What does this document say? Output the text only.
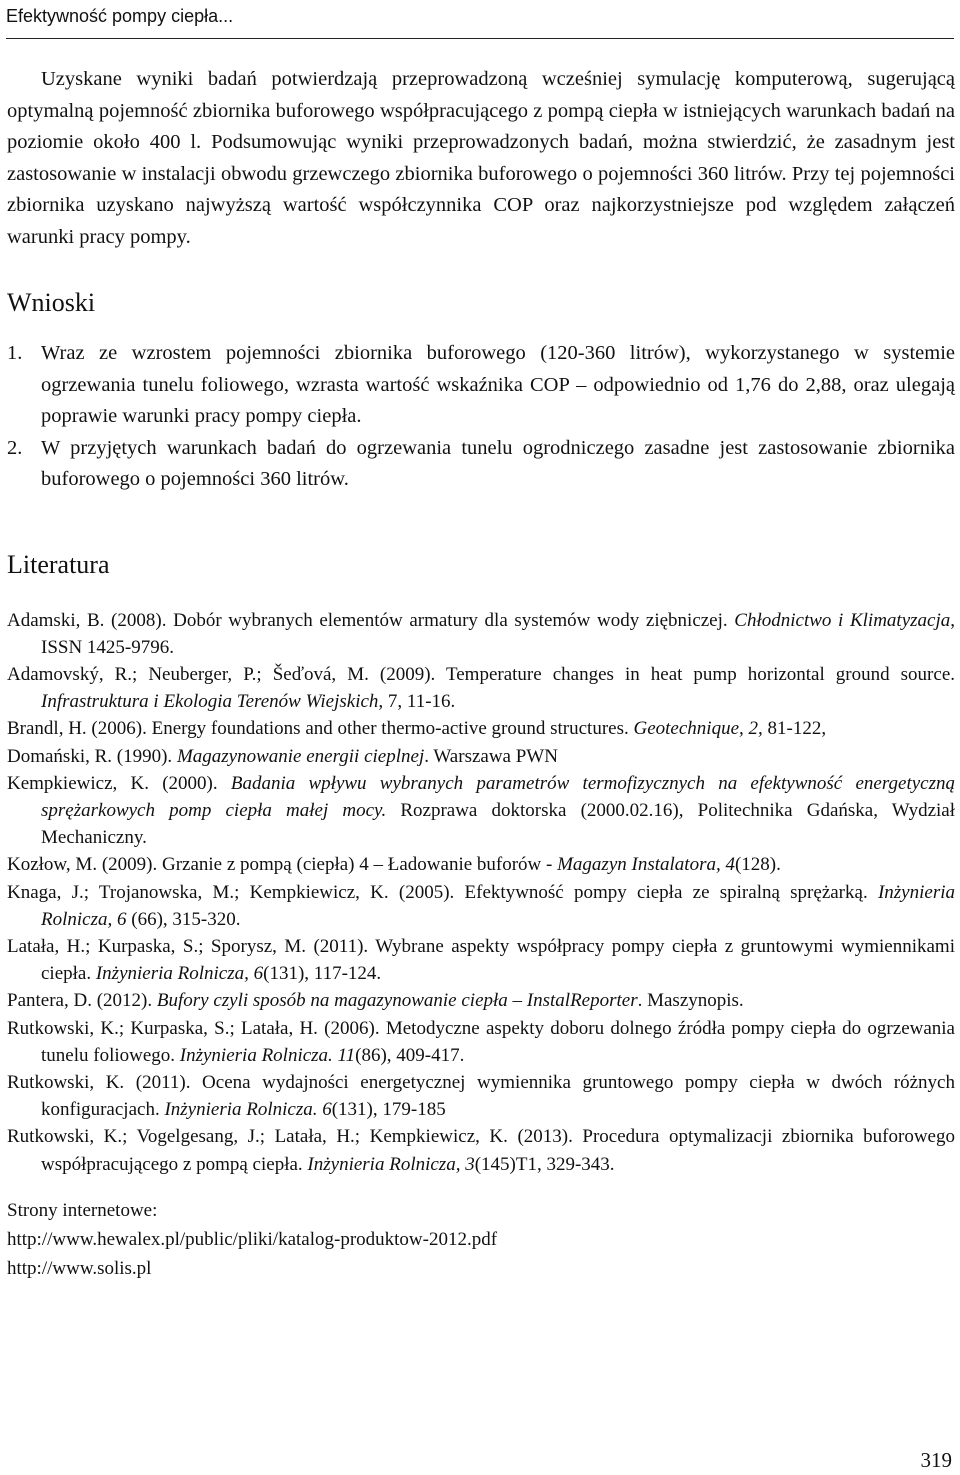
Efektywność pompy ciepła...

Uzyskane wyniki badań potwierdzają przeprowadzoną wcześniej symulację komputerową, sugerującą optymalną pojemność zbiornika buforowego współpracującego z pompą ciepła w istniejących warunkach badań na poziomie około 400 l. Podsumowując wyniki przeprowadzonych badań, można stwierdzić, że zasadnym jest zastosowanie w instalacji obwodu grzewczego zbiornika buforowego o pojemności 360 litrów. Przy tej pojemności zbiornika uzyskano najwyższą wartość współczynnika COP oraz najkorzystniejsze pod względem załączeń warunki pracy pompy.

Wnioski

1. Wraz ze wzrostem pojemności zbiornika buforowego (120-360 litrów), wykorzystanego w systemie ogrzewania tunelu foliowego, wzrasta wartość wskaźnika COP – odpowiednio od 1,76 do 2,88, oraz ulegają poprawie warunki pracy pompy ciepła.

2. W przyjętych warunkach badań do ogrzewania tunelu ogrodniczego zasadne jest zastosowanie zbiornika buforowego o pojemności 360 litrów.

Literatura

Adamski, B. (2008). Dobór wybranych elementów armatury dla systemów wody ziębniczej. Chłodnictwo i Klimatyzacja, ISSN 1425-9796.

Adamovský, R.; Neuberger, P.; Šeďová, M. (2009). Temperature changes in heat pump horizontal ground source. Infrastruktura i Ekologia Terenów Wiejskich, 7, 11-16.

Brandl, H. (2006). Energy foundations and other thermo-active ground structures. Geotechnique, 2, 81-122,

Domański, R. (1990). Magazynowanie energii cieplnej. Warszawa PWN

Kempkiewicz, K. (2000). Badania wpływu wybranych parametrów termofizycznych na efektywność energetyczną sprężarkowych pomp ciepła małej mocy. Rozprawa doktorska (2000.02.16), Politechnika Gdańska, Wydział Mechaniczny.

Kozłow, M. (2009). Grzanie z pompą (ciepła) 4 – Ładowanie buforów - Magazyn Instalatora, 4(128).

Knaga, J.; Trojanowska, M.; Kempkiewicz, K. (2005). Efektywność pompy ciepła ze spiralną sprężarką. Inżynieria Rolnicza, 6 (66), 315-320.

Latała, H.; Kurpaska, S.; Sporysz, M. (2011). Wybrane aspekty współpracy pompy ciepła z gruntowymi wymiennikami ciepła. Inżynieria Rolnicza, 6(131), 117-124.

Pantera, D. (2012). Bufory czyli sposób na magazynowanie ciepła – InstalReporter. Maszynopis.

Rutkowski, K.; Kurpaska, S.; Latała, H. (2006). Metodyczne aspekty doboru dolnego źródła pompy ciepła do ogrzewania tunelu foliowego. Inżynieria Rolnicza. 11(86), 409-417.

Rutkowski, K. (2011). Ocena wydajności energetycznej wymiennika gruntowego pompy ciepła w dwóch różnych konfiguracjach. Inżynieria Rolnicza. 6(131), 179-185

Rutkowski, K.; Vogelgesang, J.; Latała, H.; Kempkiewicz, K. (2013). Procedura optymalizacji zbiornika buforowego współpracującego z pompą ciepła. Inżynieria Rolnicza, 3(145)T1, 329-343.

Strony internetowe:

http://www.hewalex.pl/public/pliki/katalog-produktow-2012.pdf

http://www.solis.pl

319
